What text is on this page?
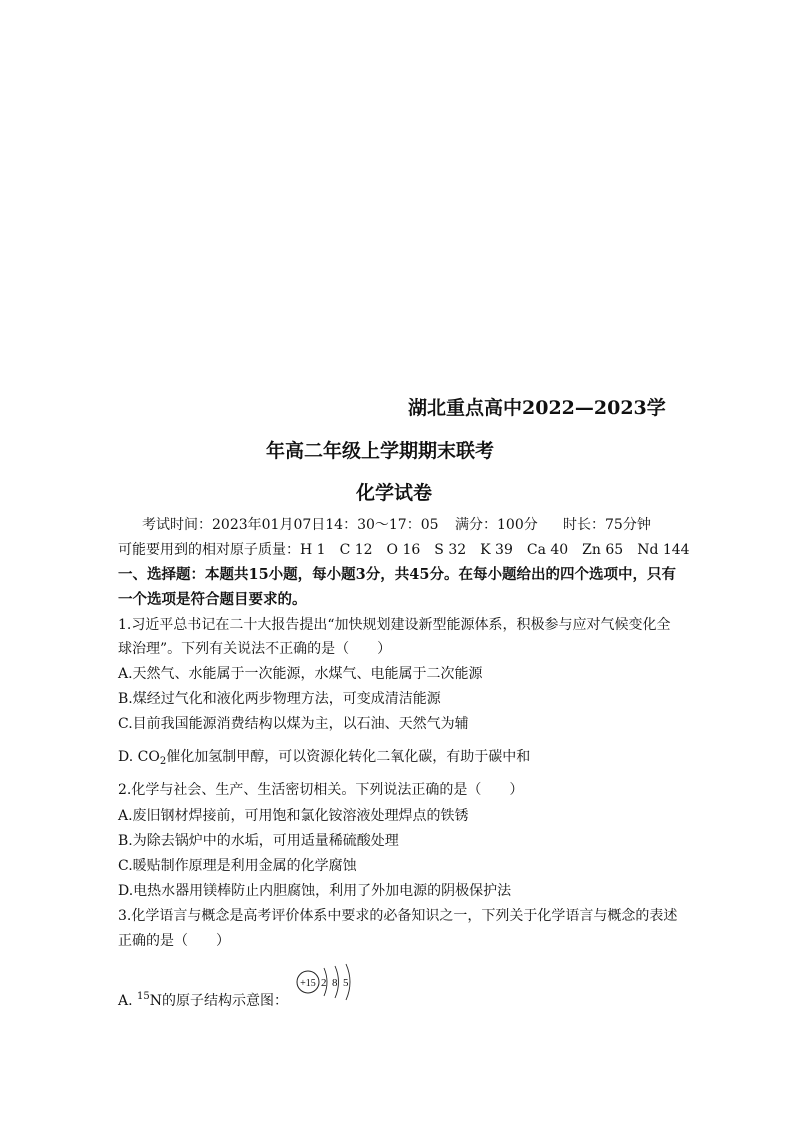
湖北重点高中2022—2023学
年高二年级上学期期末联考
化学试卷
考试时间：2023年01月07日14：30～17：05 满分：100分 时长：75分钟
可能要用到的相对原子质量：H 1　C 12　O 16　S 32　K 39　Ca 40　Zn 65　Nd 144
一、选择题：本题共15小题，每小题3分，共45分。在每小题给出的四个选项中，只有
一个选项是符合题目要求的。
1.习近平总书记在二十大报告提出“加快规划建设新型能源体系，积极参与应对气候变化全
球治理”。下列有关说法不正确的是（　　）
A.天然气、水能属于一次能源，水煤气、电能属于二次能源
B.煤经过气化和液化两步物理方法，可变成清洁能源
C.目前我国能源消费结构以煤为主，以石油、天然气为辅
D. $CO_2$催化加氢制甲醇，可以资源化转化二氧化碳，有助于碳中和
2.化学与社会、生产、生活密切相关。下列说法正确的是（　　）
A.废旧钢材焊接前，可用饱和氯化铵溶液处理焊点的铁锈
B.为除去锅炉中的水垢，可用适量稀硫酸处理
C.暖贴制作原理是利用金属的化学腐蚀
D.电热水器用镁棒防止内胆腐蚀，利用了外加电源的阴极保护法
3.化学语言与概念是高考评价体系中要求的必备知识之一，下列关于化学语言与概念的表述
正确的是（　　）
A. $^{15}$N的原子结构示意图：
+15 2 8 5
